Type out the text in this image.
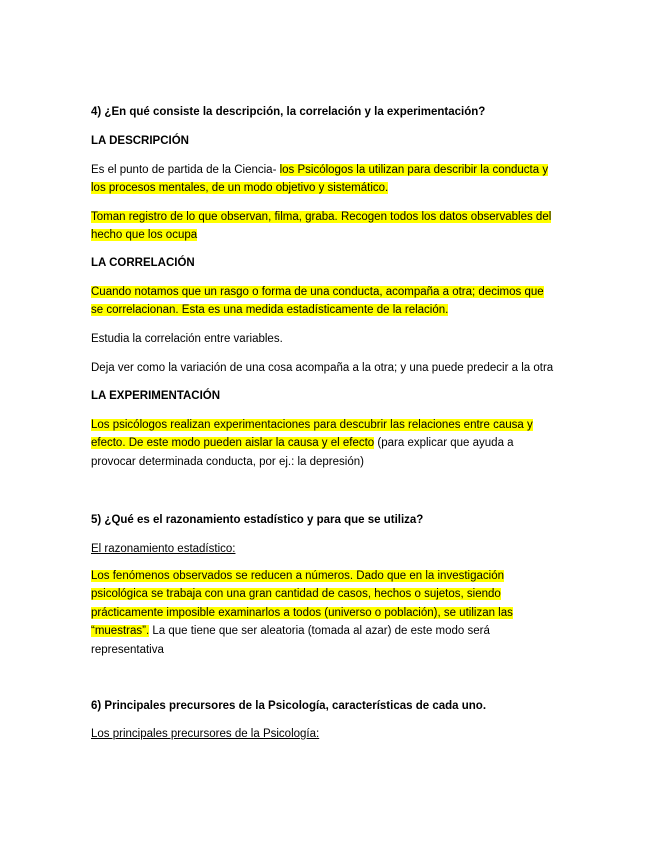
4) ¿En qué consiste la descripción, la correlación y la experimentación?
LA DESCRIPCIÓN
Es el punto de partida de la Ciencia- los Psicólogos la utilizan para describir la conducta y
los procesos mentales, de un modo objetivo y sistemático.
Toman registro de lo que observan, filma, graba. Recogen todos los datos observables del
hecho que los ocupa
LA CORRELACIÓN
Cuando notamos que un rasgo o forma de una conducta, acompaña a otra; decimos que
se correlacionan. Esta es una medida estadísticamente de la relación.
Estudia la correlación entre variables.
Deja ver como la variación de una cosa acompaña a la otra; y una puede predecir a la otra
LA EXPERIMENTACIÓN
Los psicólogos realizan experimentaciones para descubrir las relaciones entre causa y
efecto. De este modo pueden aislar la causa y el efecto (para explicar que ayuda a
provocar determinada conducta, por ej.: la depresión)
5) ¿Qué es el razonamiento estadístico y para que se utiliza?
El razonamiento estadístico:
Los fenómenos observados se reducen a números. Dado que en la investigación
psicológica se trabaja con una gran cantidad de casos, hechos o sujetos, siendo
prácticamente imposible examinarlos a todos (universo o población), se utilizan las
“muestras”. La que tiene que ser aleatoria (tomada al azar) de este modo será
representativa
6) Principales precursores de la Psicología, características de cada uno.
Los principales precursores de la Psicología:
